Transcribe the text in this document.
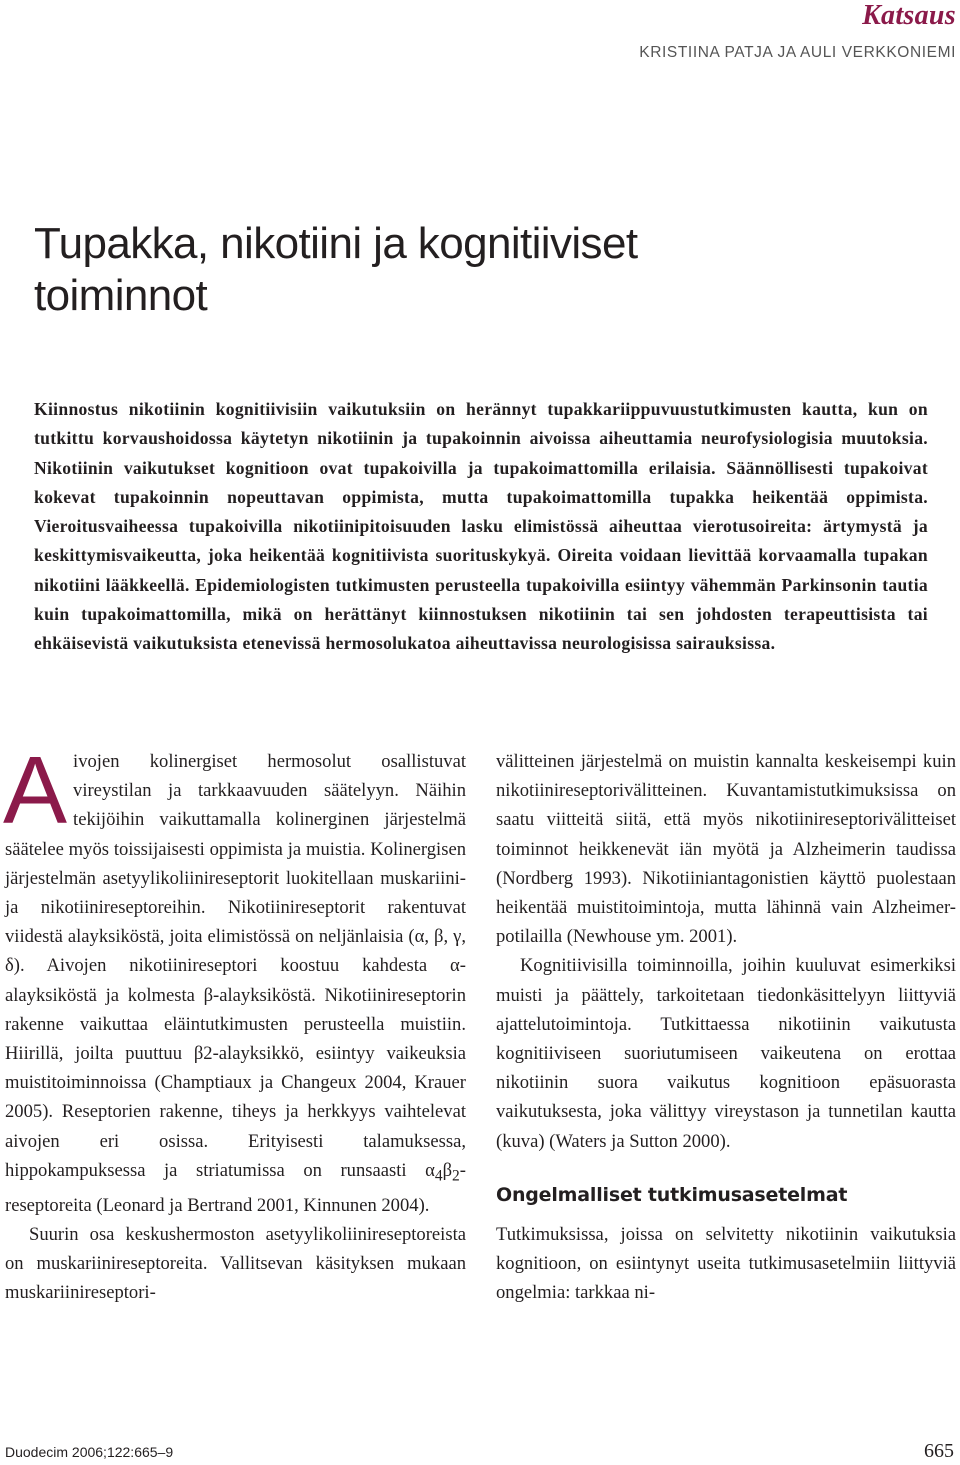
Katsaus
KRISTIINA PATJA JA AULI VERKKONIEMI
Tupakka, nikotiini ja kognitiiviset
toiminnot

Kiinnostus nikotiinin kognitiivisiin vaikutuksiin on herännyt tupakkariippuvuustutkimusten kautta, kun on tutkittu korvaushoidossa käytetyn nikotiinin ja tupakoinnin aivoissa aiheuttamia neurofysiologisia muutoksia. Nikotiinin vaikutukset kognitioon ovat tupakoivilla ja tupakoimattomilla erilaisia. Säännöllisesti tupakoivat kokevat tupakoinnin nopeuttavan oppimista, mutta tupakoimattomilla tupakka heikentää oppimista. Vieroitusvaiheessa tupakoivilla nikotiinipitoisuuden lasku elimistössä aiheuttaa vierotusoireita: ärtymystä ja keskittymisvaikeutta, joka heikentää kognitiivista suorituskykyä. Oireita voidaan lievittää korvaamalla tupakan nikotiini lääkkeellä. Epidemiologisten tutkimusten perusteella tupakoivilla esiintyy vähemmän Parkinsonin tautia kuin tupakoimattomilla, mikä on herättänyt kiinnostuksen nikotiinin tai sen johdosten terapeuttisista tai ehkäisevistä vaikutuksista etenevissä hermosolukatoa aiheuttavissa neurologisissa sairauksissa.

Aivojen kolinergiset hermosolut osallistuvat vireystilan ja tarkkaavuuden säätelyyn. Näihin tekijöihin vaikuttamalla kolinerginen järjestelmä säätelee myös toissijaisesti oppimista ja muistia. Kolinergisen järjestelmän asetyylikoliinireseptorit luokitellaan muskariini- ja nikotiinireseptoreihin. Nikotiinireseptorit rakentuvat viidestä alayksiköstä, joita elimistössä on neljänlaisia (α, β, γ, δ). Aivojen nikotiinireseptori koostuu kahdesta α-alayksiköstä ja kolmesta β-alayksiköstä. Nikotiinireseptorin rakenne vaikuttaa eläintutkimusten perusteella muistiin. Hiirillä, joilta puuttuu β2-alayksikkö, esiintyy vaikeuksia muistitoiminnoissa (Champtiaux ja Changeux 2004, Krauer 2005). Reseptorien rakenne, tiheys ja herkkyys vaihtelevat aivojen eri osissa. Erityisesti talamuksessa, hippokampuksessa ja striatumissa on runsaasti $\alpha_4\beta_2$-reseptoreita (Leonard ja Bertrand 2001, Kinnunen 2004).

Suurin osa keskushermoston asetyylikoliinireseptoreista on muskariinireseptoreita. Vallitsevan käsityksen mukaan muskariinireseptori-

välitteinen järjestelmä on muistin kannalta keskeisempi kuin nikotiinireseptorivälitteinen. Kuvantamistutkimuksissa on saatu viitteitä siitä, että myös nikotiinireseptorivälitteiset toiminnot heikkenevät iän myötä ja Alzheimerin taudissa (Nordberg 1993). Nikotiiniantagonistien käyttö puolestaan heikentää muistitoimintoja, mutta lähinnä vain Alzheimer-potilailla (Newhouse ym. 2001).

Kognitiivisilla toiminnoilla, joihin kuuluvat esimerkiksi muisti ja päättely, tarkoitetaan tiedonkäsittelyyn liittyviä ajattelutoimintoja. Tutkittaessa nikotiinin vaikutusta kognitiiviseen suoriutumiseen vaikeutena on erottaa nikotiinin suora vaikutus kognitioon epäsuorasta vaikutuksesta, joka välittyy vireystason ja tunnetilan kautta (kuva) (Waters ja Sutton 2000).

Ongelmalliset tutkimusasetelmat

Tutkimuksissa, joissa on selvitetty nikotiinin vaikutuksia kognitioon, on esiintynyt useita tutkimusasetelmiin liittyviä ongelmia: tarkkaa ni-

Duodecim 2006;122:665–9	665
